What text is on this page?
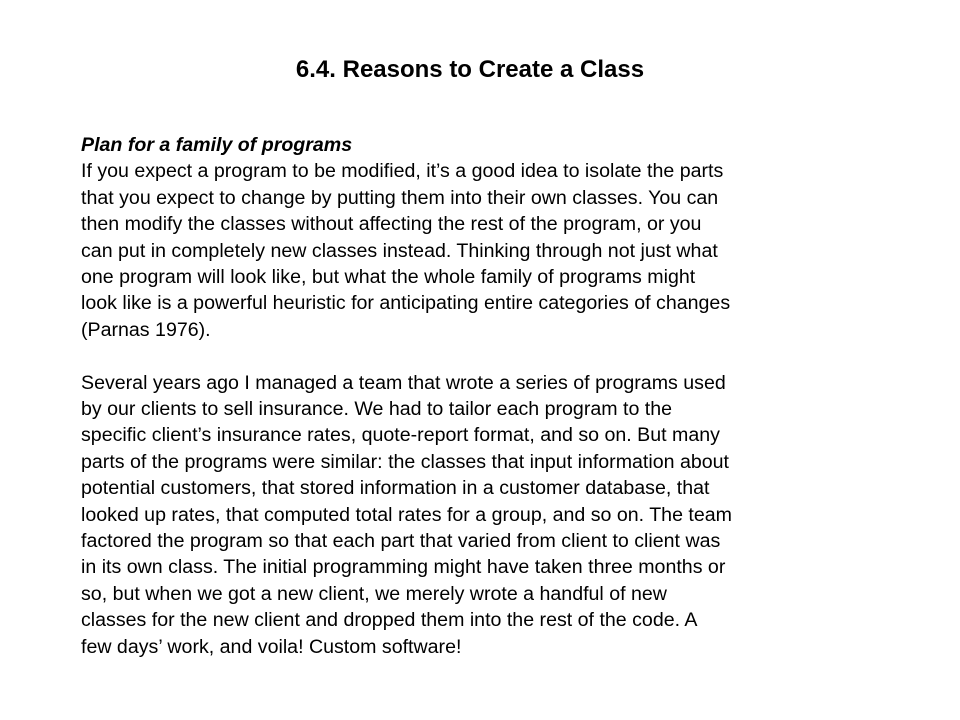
6.4. Reasons to Create a Class
Plan for a family of programs
If you expect a program to be modified, it’s a good idea to isolate the parts
that you expect to change by putting them into their own classes. You can
then modify the classes without affecting the rest of the program, or you
can put in completely new classes instead. Thinking through not just what
one program will look like, but what the whole family of programs might
look like is a powerful heuristic for anticipating entire categories of changes
(Parnas 1976).
Several years ago I managed a team that wrote a series of programs used
by our clients to sell insurance. We had to tailor each program to the
specific client’s insurance rates, quote-report format, and so on. But many
parts of the programs were similar: the classes that input information about
potential customers, that stored information in a customer database, that
looked up rates, that computed total rates for a group, and so on. The team
factored the program so that each part that varied from client to client was
in its own class. The initial programming might have taken three months or
so, but when we got a new client, we merely wrote a handful of new
classes for the new client and dropped them into the rest of the code. A
few days’ work, and voila! Custom software!
